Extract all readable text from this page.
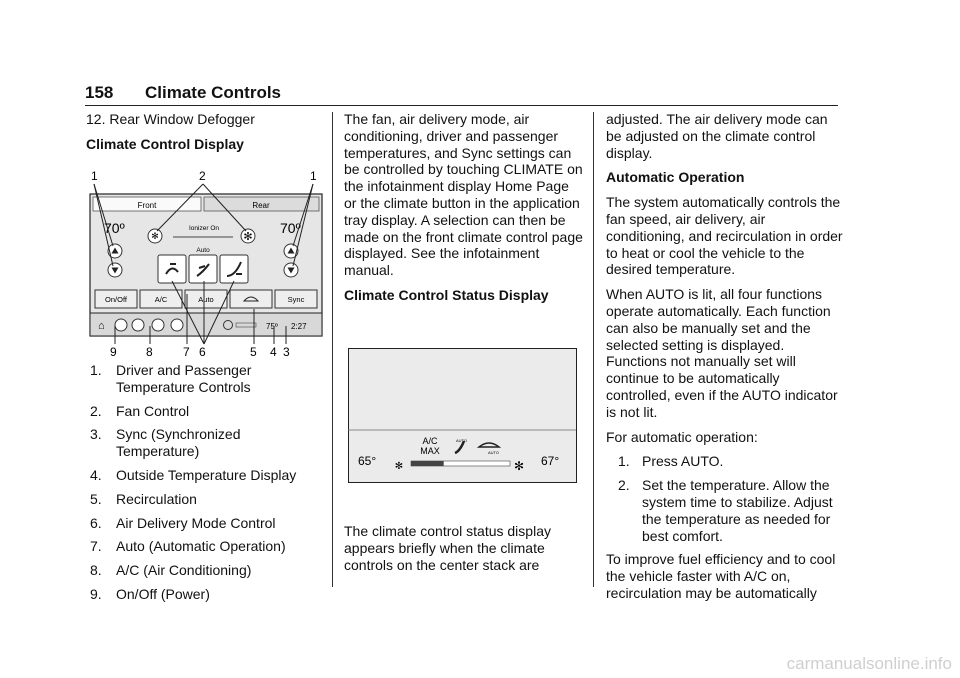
158 Climate Controls

12. Rear Window Defogger

Climate Control Display

1	2	1
Front	Rear
70º	70º
✻	✻
Ionizer On
Auto
On/Off	A/C	Auto	Sync
⌂	75º 2:27
9 8	7 6	5 4 3
1. Driver and Passenger Temperature Controls
2. Fan Control
3. Sync (Synchronized Temperature)
4. Outside Temperature Display
5. Recirculation
6. Air Delivery Mode Control
7. Auto (Automatic Operation)
8. A/C (Air Conditioning)
9. On/Off (Power)

The fan, air delivery mode, air conditioning, driver and passenger temperatures, and Sync settings can be controlled by touching CLIMATE on the infotainment display Home Page or the climate button in the application tray display. A selection can then be made on the front climate control page displayed. See the infotainment manual.

Climate Control Status Display

65°	67°
A/C
MAX
AUTO
AUTO
✻	✻

The climate control status display appears briefly when the climate controls on the center stack are

adjusted. The air delivery mode can be adjusted on the climate control display.

Automatic Operation

The system automatically controls the fan speed, air delivery, air conditioning, and recirculation in order to heat or cool the vehicle to the desired temperature.

When AUTO is lit, all four functions operate automatically. Each function can also be manually set and the selected setting is displayed. Functions not manually set will continue to be automatically controlled, even if the AUTO indicator is not lit.

For automatic operation:

1. Press AUTO.
2. Set the temperature. Allow the system time to stabilize. Adjust the temperature as needed for best comfort.

To improve fuel efficiency and to cool the vehicle faster with A/C on, recirculation may be automatically

carmanualsonline.info
